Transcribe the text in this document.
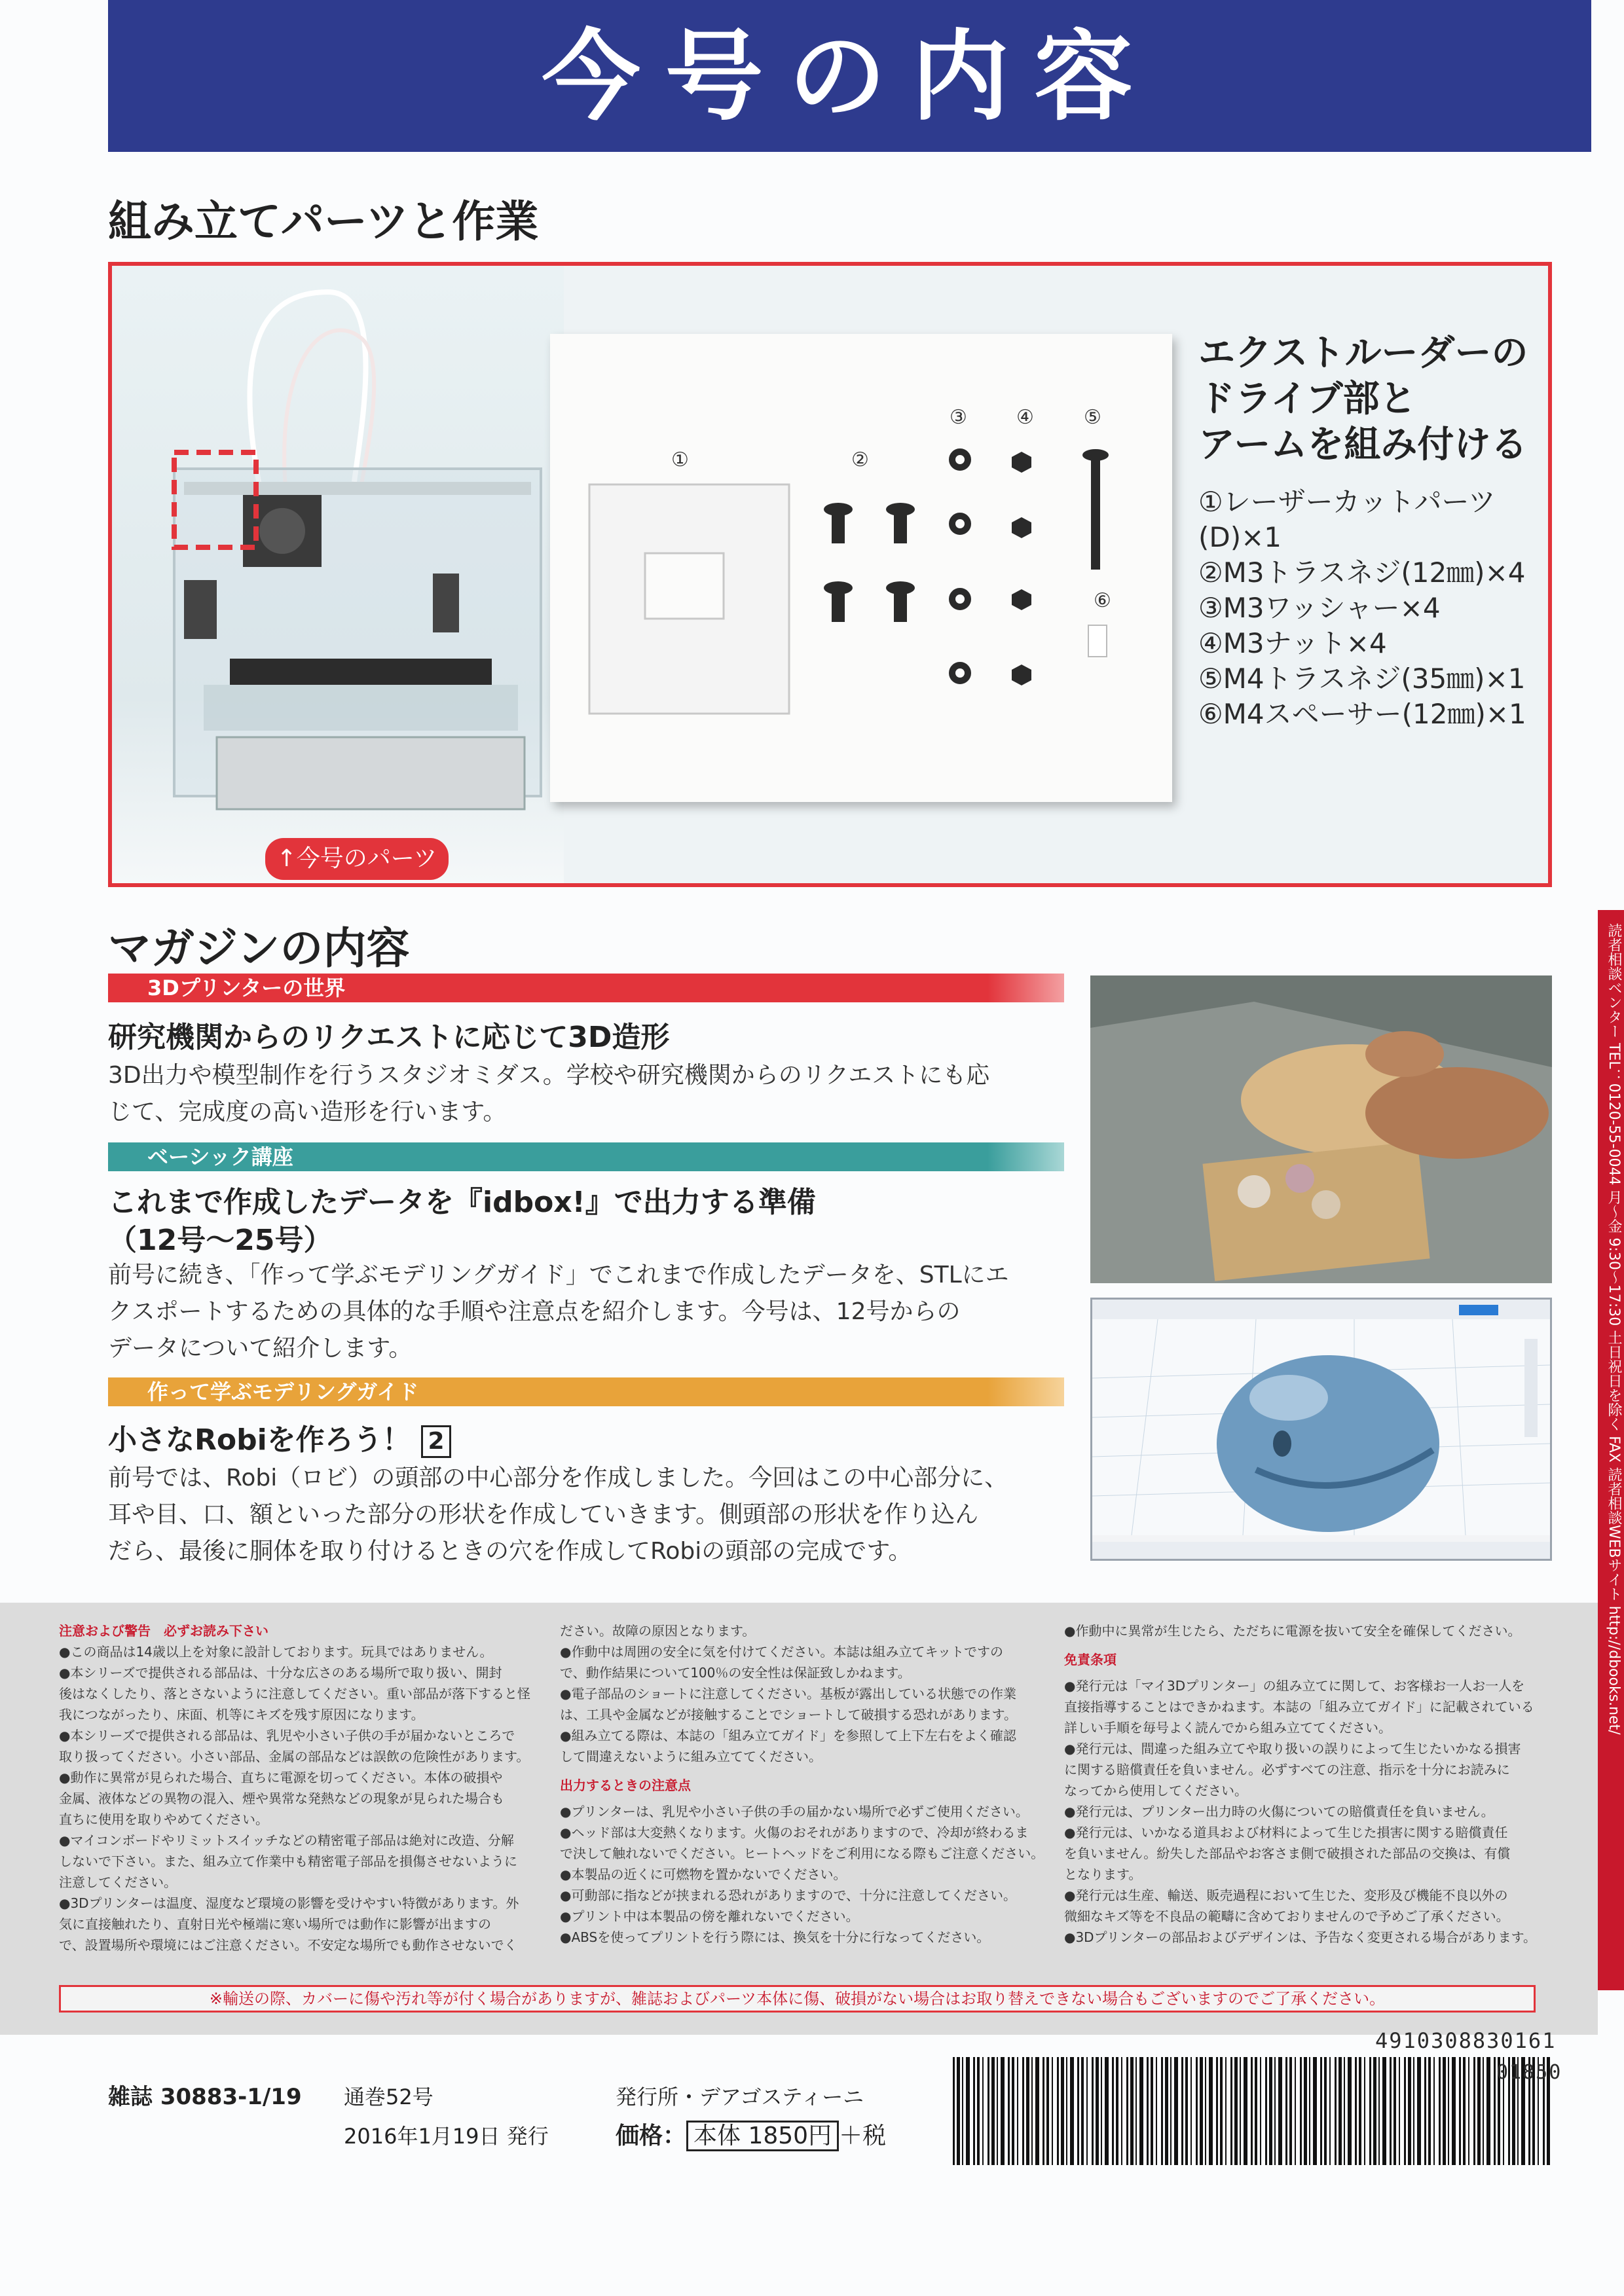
今号の内容
読者相談ベンター TEL：0120-55-0044 月～金 9:30～17:30 土日祝日を除く FAX 読者相談WEBサイト http://dbooks.net/
組み立てパーツと作業
①	②
③	④	⑤
⑥
↑今号のパーツ
エクストルーダーの
ドライブ部と
アームを組み付ける
①レーザーカットパーツ
(D)×1
②M3トラスネジ(12㎜)×4
③M3ワッシャー×4
④M3ナット×4
⑤M4トラスネジ(35㎜)×1
⑥M4スペーサー(12㎜)×1
マガジンの内容
3Dプリンターの世界
研究機関からのリクエストに応じて3D造形
3D出力や模型制作を行うスタジオミダス。学校や研究機関からのリクエストにも応
じて、完成度の高い造形を行います。
ベーシック講座
これまで作成したデータを『idbox!』で出力する準備
（12号～25号）
前号に続き、「作って学ぶモデリングガイド」でこれまで作成したデータを、STLにエ
クスポートするための具体的な手順や注意点を紹介します。今号は、12号からの
データについて紹介します。
作って学ぶモデリングガイド
小さなRobiを作ろう！ 2
前号では、Robi（ロビ）の頭部の中心部分を作成しました。今回はこの中心部分に、
耳や目、口、額といった部分の形状を作成していきます。側頭部の形状を作り込ん
だら、最後に胴体を取り付けるときの穴を作成してRobiの頭部の完成です。
注意および警告　必ずお読み下さい
●この商品は14歳以上を対象に設計しております。玩具ではありません。
●本シリーズで提供される部品は、十分な広さのある場所で取り扱い、開封
後はなくしたり、落とさないように注意してください。重い部品が落下すると怪
我につながったり、床面、机等にキズを残す原因になります。
●本シリーズで提供される部品は、乳児や小さい子供の手が届かないところで
取り扱ってください。小さい部品、金属の部品などは誤飲の危険性があります。
●動作に異常が見られた場合、直ちに電源を切ってください。本体の破損や
金属、液体などの異物の混入、煙や異常な発熱などの現象が見られた場合も
直ちに使用を取りやめてください。
●マイコンボードやリミットスイッチなどの精密電子部品は絶対に改造、分解
しないで下さい。また、組み立て作業中も精密電子部品を損傷させないように
注意してください。
●3Dプリンターは温度、湿度など環境の影響を受けやすい特徴があります。外
気に直接触れたり、直射日光や極端に寒い場所では動作に影響が出ますの
で、設置場所や環境にはご注意ください。不安定な場所でも動作させないでく
ださい。故障の原因となります。
●作動中は周囲の安全に気を付けてください。本誌は組み立てキットですの
で、動作結果について100％の安全性は保証致しかねます。
●電子部品のショートに注意してください。基板が露出している状態での作業
は、工具や金属などが接触することでショートして破損する恐れがあります。
●組み立てる際は、本誌の「組み立てガイド」を参照して上下左右をよく確認
して間違えないように組み立ててください。
出力するときの注意点
●プリンターは、乳児や小さい子供の手の届かない場所で必ずご使用ください。
●ヘッド部は大変熱くなります。火傷のおそれがありますので、冷却が終わるま
で決して触れないでください。ヒートヘッドをご利用になる際もご注意ください。
●本製品の近くに可燃物を置かないでください。
●可動部に指などが挟まれる恐れがありますので、十分に注意してください。
●プリント中は本製品の傍を離れないでください。
●ABSを使ってプリントを行う際には、換気を十分に行なってください。
●作動中に異常が生じたら、ただちに電源を抜いて安全を確保してください。
免責条項
●発行元は「マイ3Dプリンター」の組み立てに関して、お客様お一人お一人を
直接指導することはできかねます。本誌の「組み立てガイド」に記載されている
詳しい手順を毎号よく読んでから組み立ててください。
●発行元は、間違った組み立てや取り扱いの誤りによって生じたいかなる損害
に関する賠償責任を負いません。必ずすべての注意、指示を十分にお読みに
なってから使用してください。
●発行元は、プリンター出力時の火傷についての賠償責任を負いません。
●発行元は、いかなる道具および材料によって生じた損害に関する賠償責任
を負いません。紛失した部品やお客さま側で破損された部品の交換は、有償
となります。
●発行元は生産、輸送、販売過程において生じた、変形及び機能不良以外の
微細なキズ等を不良品の範疇に含めておりませんので予めご了承ください。
●3Dプリンターの部品およびデザインは、予告なく変更される場合があります。
※輸送の際、カバーに傷や汚れ等が付く場合がありますが、雑誌およびパーツ本体に傷、破損がない場合はお取り替えできない場合もございますのでご了承ください。
雑誌 30883-1/19 通巻52号
2016年1月19日 発行
発行所・デアゴスティーニ
価格： 本体 1850円 ＋税
4910308830161
01850
